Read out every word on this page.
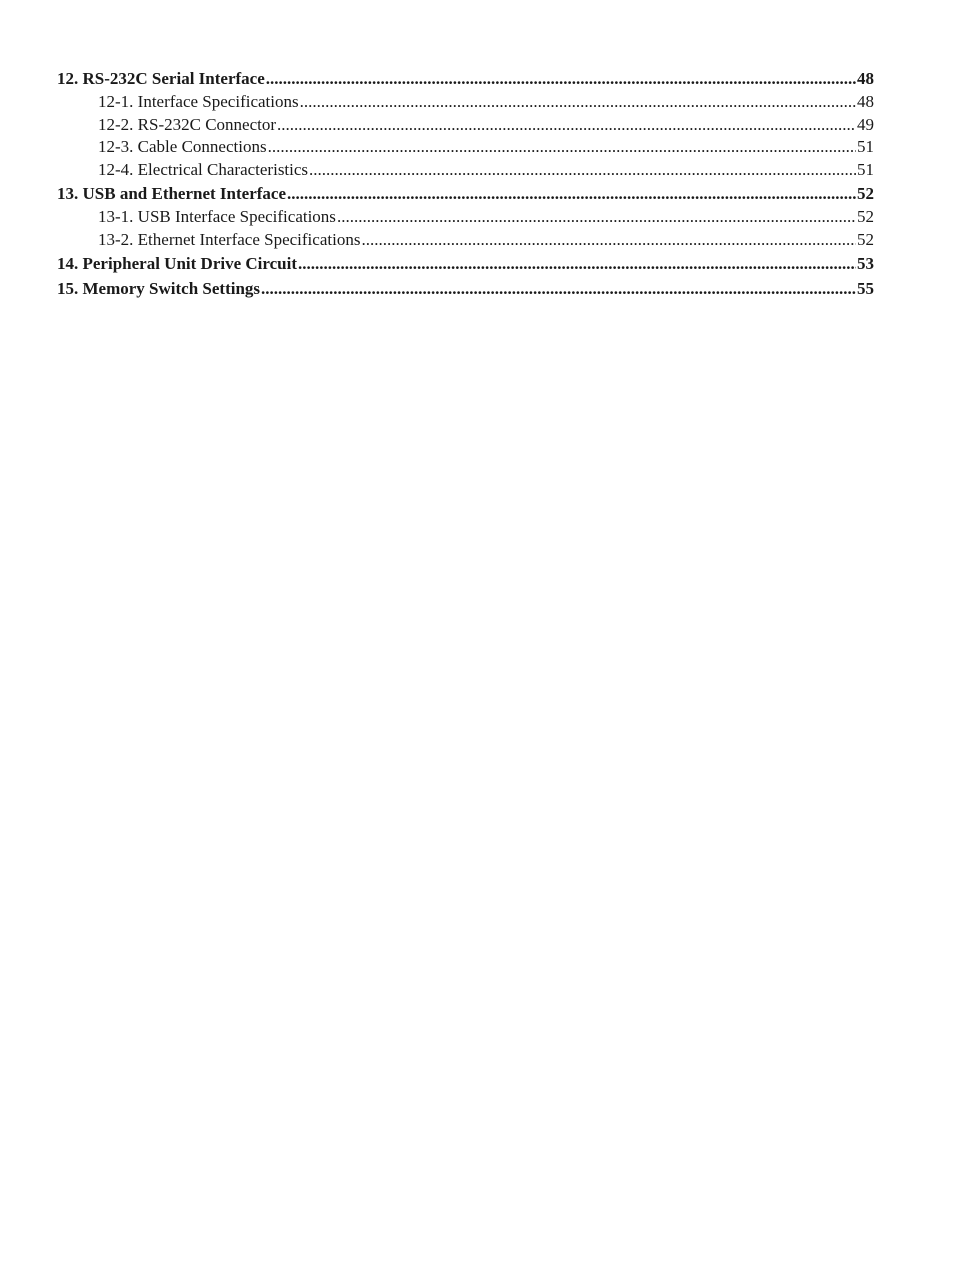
12. RS-232C Serial Interface .....	48
12-1. Interface Specifications .....	48
12-2. RS-232C Connector .....	49
12-3. Cable Connections .....	51
12-4. Electrical Characteristics .....	51
13. USB and Ethernet Interface .....	52
13-1. USB Interface Specifications .....	52
13-2. Ethernet Interface Specifications .....	52
14. Peripheral Unit Drive Circuit .....	53
15. Memory Switch Settings .....	55
